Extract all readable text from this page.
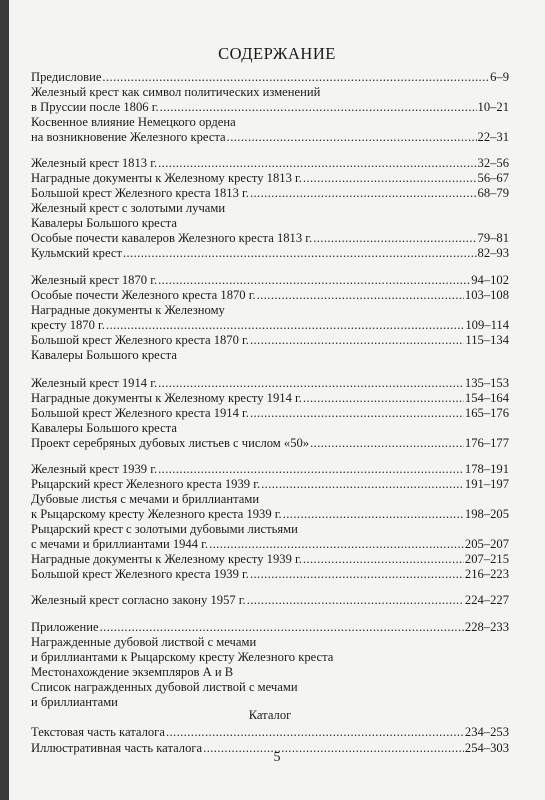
СОДЕРЖАНИЕ
Предисловие .....	6–9
Железный крест как символ политических изменений
в Пруссии после 1806 г. .....	10–21
Косвенное влияние Немецкого ордена
на возникновение Железного креста .....	22–31
Железный крест 1813 г. .....	32–56
Наградные документы к Железному кресту 1813 г. .....	56–67
Большой крест Железного креста 1813 г. .....	68–79
Железный крест с золотыми лучами
Кавалеры Большого креста
Особые почести кавалеров Железного креста 1813 г. .....	79–81
Кульмский крест .....	82–93
Железный крест 1870 г. .....	94–102
Особые почести Железного креста 1870 г. .....	103–108
Наградные документы к Железному
кресту 1870 г. .....	109–114
Большой крест Железного креста 1870 г. .....	115–134
Кавалеры Большого креста
Железный крест 1914 г. .....	135–153
Наградные документы к Железному кресту 1914 г. .....	154–164
Большой крест Железного креста 1914 г. .....	165–176
Кавалеры Большого креста
Проект серебряных дубовых листьев с числом «50» .....	176–177
Железный крест 1939 г. .....	178–191
Рыцарский крест Железного креста 1939 г. .....	191–197
Дубовые листья с мечами и бриллиантами
к Рыцарскому кресту Железного креста 1939 г. .....	198–205
Рыцарский крест с золотыми дубовыми листьями
с мечами и бриллиантами 1944 г. .....	205–207
Наградные документы к Железному кресту 1939 г. .....	207–215
Большой крест Железного креста 1939 г. .....	216–223
Железный крест согласно закону 1957 г. .....	224–227
Приложение .....	228–233
Награжденные дубовой листвой с мечами
и бриллиантами к Рыцарскому кресту Железного креста
Местонахождение экземпляров А и В
Список награжденных дубовой листвой с мечами
и бриллиантами
Текстовая часть каталога .....	234–253
Иллюстративная часть каталога .....	254–303
Каталог
5
